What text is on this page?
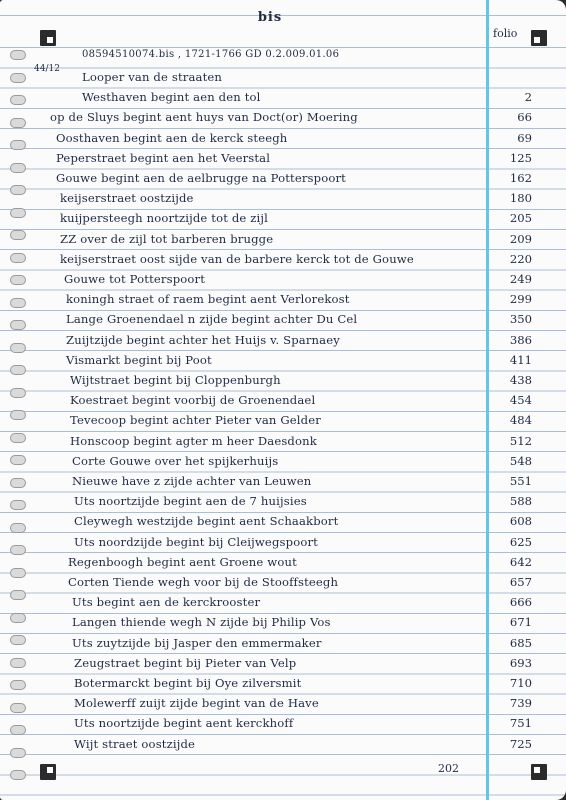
bis
folio
08594510074.bis , 1721-1766 GD 0.2.009.01.06
44/12
Looper van de straaten
Westhaven begint aen den tol	2
op de Sluys begint aent huys van Doct(or) Moering	66
Oosthaven begint aen de kerck steegh	69
Peperstraet begint aen het Veerstal	125
Gouwe begint aen de aelbrugge na Potterspoort	162
keijserstraet oostzijde	180
kuijpersteegh noortzijde tot de zijl	205
ZZ over de zijl tot barberen brugge	209
keijserstraet oost sijde van de barbere kerck tot de Gouwe	220
Gouwe tot Potterspoort	249
koningh straet of raem begint aent Verlorekost	299
Lange Groenendael n zijde begint achter Du Cel	350
Zuijtzijde begint achter het Huijs v. Sparnaey	386
Vismarkt begint bij Poot	411
Wijtstraet begint bij Cloppenburgh	438
Koestraet begint voorbij de Groenendael	454
Tevecoop begint achter Pieter van Gelder	484
Honscoop begint agter m heer Daesdonk	512
Corte Gouwe over het spijkerhuijs	548
Nieuwe have z zijde achter van Leuwen	551
Uts noortzijde begint aen de 7 huijsies	588
Cleywegh westzijde begint aent Schaakbort	608
Uts noordzijde begint bij Cleijwegspoort	625
Regenboogh begint aent Groene wout	642
Corten Tiende wegh voor bij de Stooffsteegh	657
Uts begint aen de kerckrooster	666
Langen thiende wegh N zijde bij Philip Vos	671
Uts zuytzijde bij Jasper den emmermaker	685
Zeugstraet begint bij Pieter van Velp	693
Botermarckt begint bij Oye zilversmit	710
Molewerff zuijt zijde begint van de Have	739
Uts noortzijde begint aent kerckhoff	751
Wijt straet oostzijde	725
202
